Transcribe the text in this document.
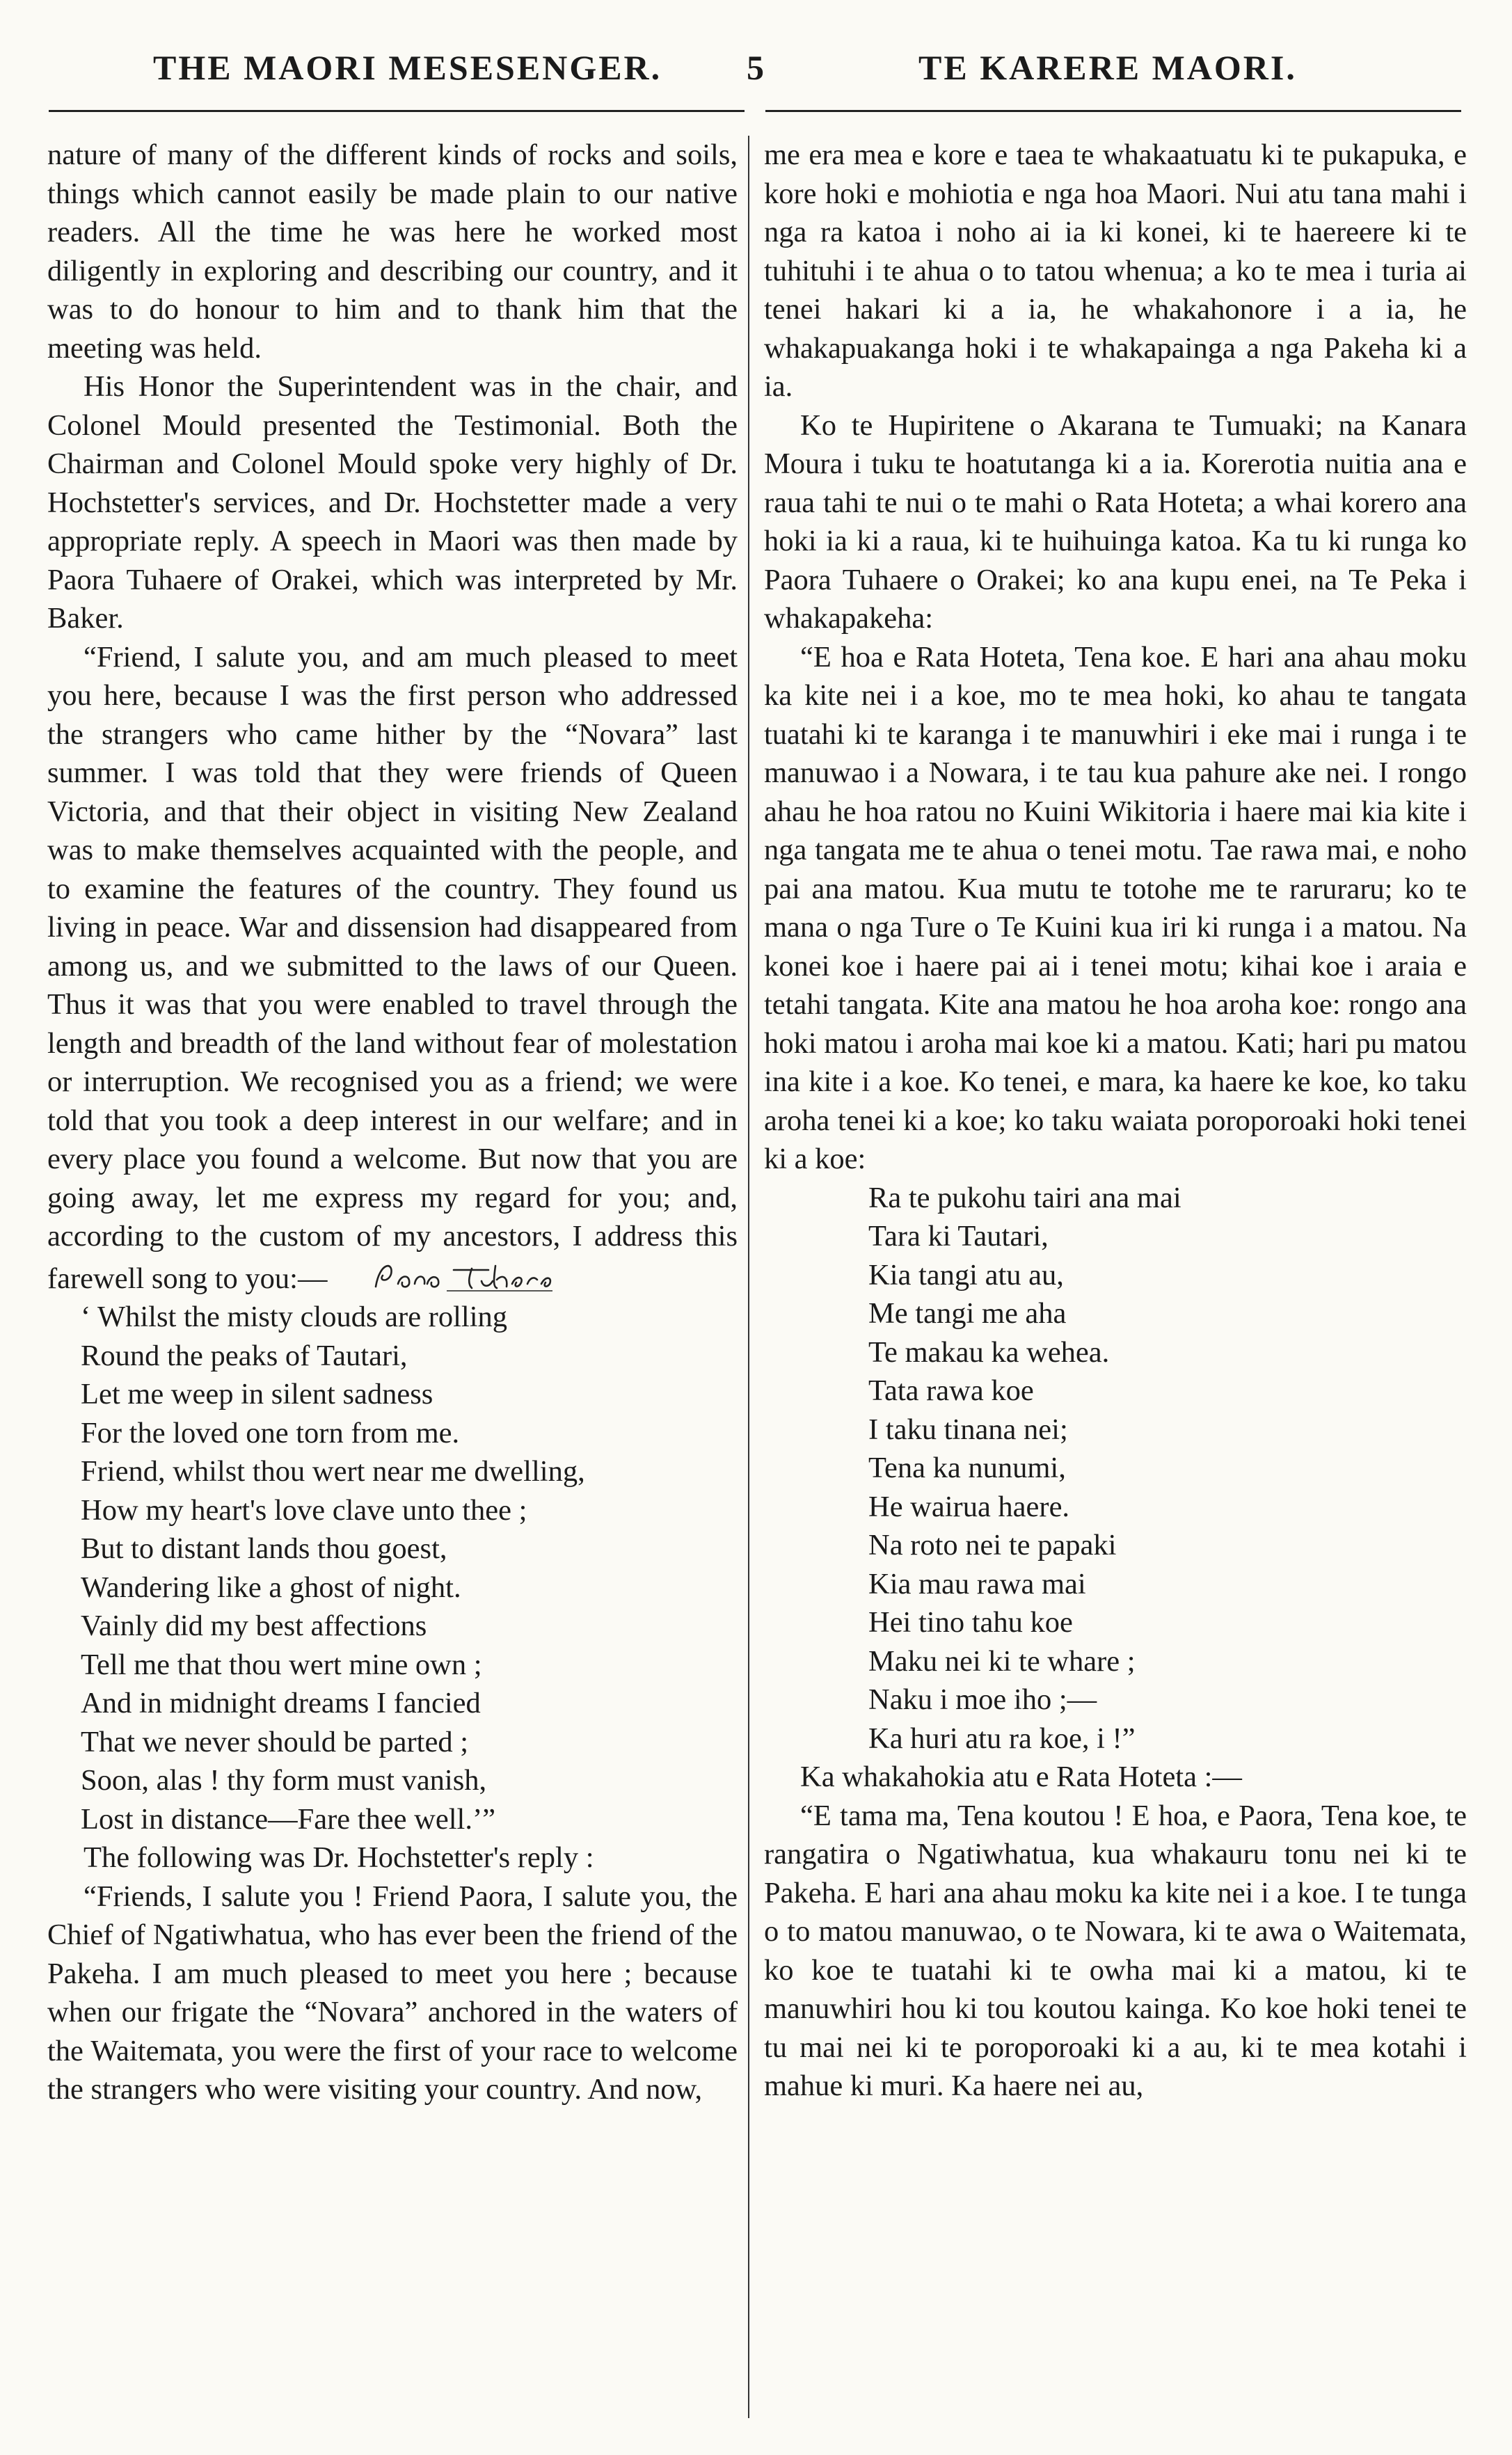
THE MAORI MESESENGER. 5	TE KARERE MAORI.

nature of many of the different kinds of rocks and soils, things which cannot easily be made plain to our native readers. All the time he was here he worked most diligently in exploring and describing our country, and it was to do honour to him and to thank him that the meeting was held.

His Honor the Superintendent was in the chair, and Colonel Mould presented the Testimonial. Both the Chairman and Colonel Mould spoke very highly of Dr. Hochstetter's services, and Dr. Hochstetter made a very appropriate reply. A speech in Maori was then made by Paora Tuhaere of Orakei, which was interpreted by Mr. Baker.

“Friend, I salute you, and am much pleased to meet you here, because I was the first person who addressed the strangers who came hither by the “Novara” last summer. I was told that they were friends of Queen Victoria, and that their object in visiting New Zealand was to make themselves acquainted with the people, and to examine the features of the country. They found us living in peace. War and dissension had disappeared from among us, and we submitted to the laws of our Queen. Thus it was that you were enabled to travel through the length and breadth of the land without fear of molestation or interruption. We recognised you as a friend; we were told that you took a deep interest in our welfare; and in every place you found a welcome. But now that you are going away, let me express my regard for you; and, according to the custom of my ancestors, I address this farewell song to you:—

‘ Whilst the misty clouds are rolling
Round the peaks of Tautari,
Let me weep in silent sadness
For the loved one torn from me.
Friend, whilst thou wert near me dwelling,
How my heart's love clave unto thee ;
But to distant lands thou goest,
Wandering like a ghost of night.
Vainly did my best affections
Tell me that thou wert mine own ;
And in midnight dreams I fancied
That we never should be parted ;
Soon, alas ! thy form must vanish,
Lost in distance—Fare thee well.’”

The following was Dr. Hochstetter's reply :

“Friends, I salute you ! Friend Paora, I salute you, the Chief of Ngatiwhatua, who has ever been the friend of the Pakeha. I am much pleased to meet you here ; because when our frigate the “Novara” anchored in the waters of the Waitemata, you were the first of your race to welcome the strangers who were visiting your country. And now,

me era mea e kore e taea te whakaatuatu ki te pukapuka, e kore hoki e mohiotia e nga hoa Maori. Nui atu tana mahi i nga ra katoa i noho ai ia ki konei, ki te haereere ki te tuhituhi i te ahua o to tatou whenua; a ko te mea i turia ai tenei hakari ki a ia, he whakahonore i a ia, he whakapuakanga hoki i te whakapainga a nga Pakeha ki a ia.

Ko te Hupiritene o Akarana te Tumuaki; na Kanara Moura i tuku te hoatutanga ki a ia. Korerotia nuitia ana e raua tahi te nui o te mahi o Rata Hoteta; a whai korero ana hoki ia ki a raua, ki te huihuinga katoa. Ka tu ki runga ko Paora Tuhaere o Orakei; ko ana kupu enei, na Te Peka i whakapakeha:

“E hoa e Rata Hoteta, Tena koe. E hari ana ahau moku ka kite nei i a koe, mo te mea hoki, ko ahau te tangata tuatahi ki te karanga i te manuwhiri i eke mai i runga i te manuwao i a Nowara, i te tau kua pahure ake nei. I rongo ahau he hoa ratou no Kuini Wikitoria i haere mai kia kite i nga tangata me te ahua o tenei motu. Tae rawa mai, e noho pai ana matou. Kua mutu te totohe me te raruraru; ko te mana o nga Ture o Te Kuini kua iri ki runga i a matou. Na konei koe i haere pai ai i tenei motu; kihai koe i araia e tetahi tangata. Kite ana matou he hoa aroha koe: rongo ana hoki matou i aroha mai koe ki a matou. Kati; hari pu matou ina kite i a koe. Ko tenei, e mara, ka haere ke koe, ko taku aroha tenei ki a koe; ko taku waiata poroporoaki hoki tenei ki a koe:

Ra te pukohu tairi ana mai
Tara ki Tautari,
Kia tangi atu au,
Me tangi me aha
Te makau ka wehea.
Tata rawa koe
I taku tinana nei;
Tena ka nunumi,
He wairua haere.
Na roto nei te papaki
Kia mau rawa mai
Hei tino tahu koe
Maku nei ki te whare ;
Naku i moe iho ;—
Ka huri atu ra koe, i !”

Ka whakahokia atu e Rata Hoteta :—

“E tama ma, Tena koutou ! E hoa, e Paora, Tena koe, te rangatira o Ngatiwhatua, kua whakauru tonu nei ki te Pakeha. E hari ana ahau moku ka kite nei i a koe. I te tunga o to matou manuwao, o te Nowara, ki te awa o Waitemata, ko koe te tuatahi ki te owha mai ki a matou, ki te manuwhiri hou ki tou koutou kainga. Ko koe hoki tenei te tu mai nei ki te poroporoaki ki a au, ki te mea kotahi i mahue ki muri. Ka haere nei au,
